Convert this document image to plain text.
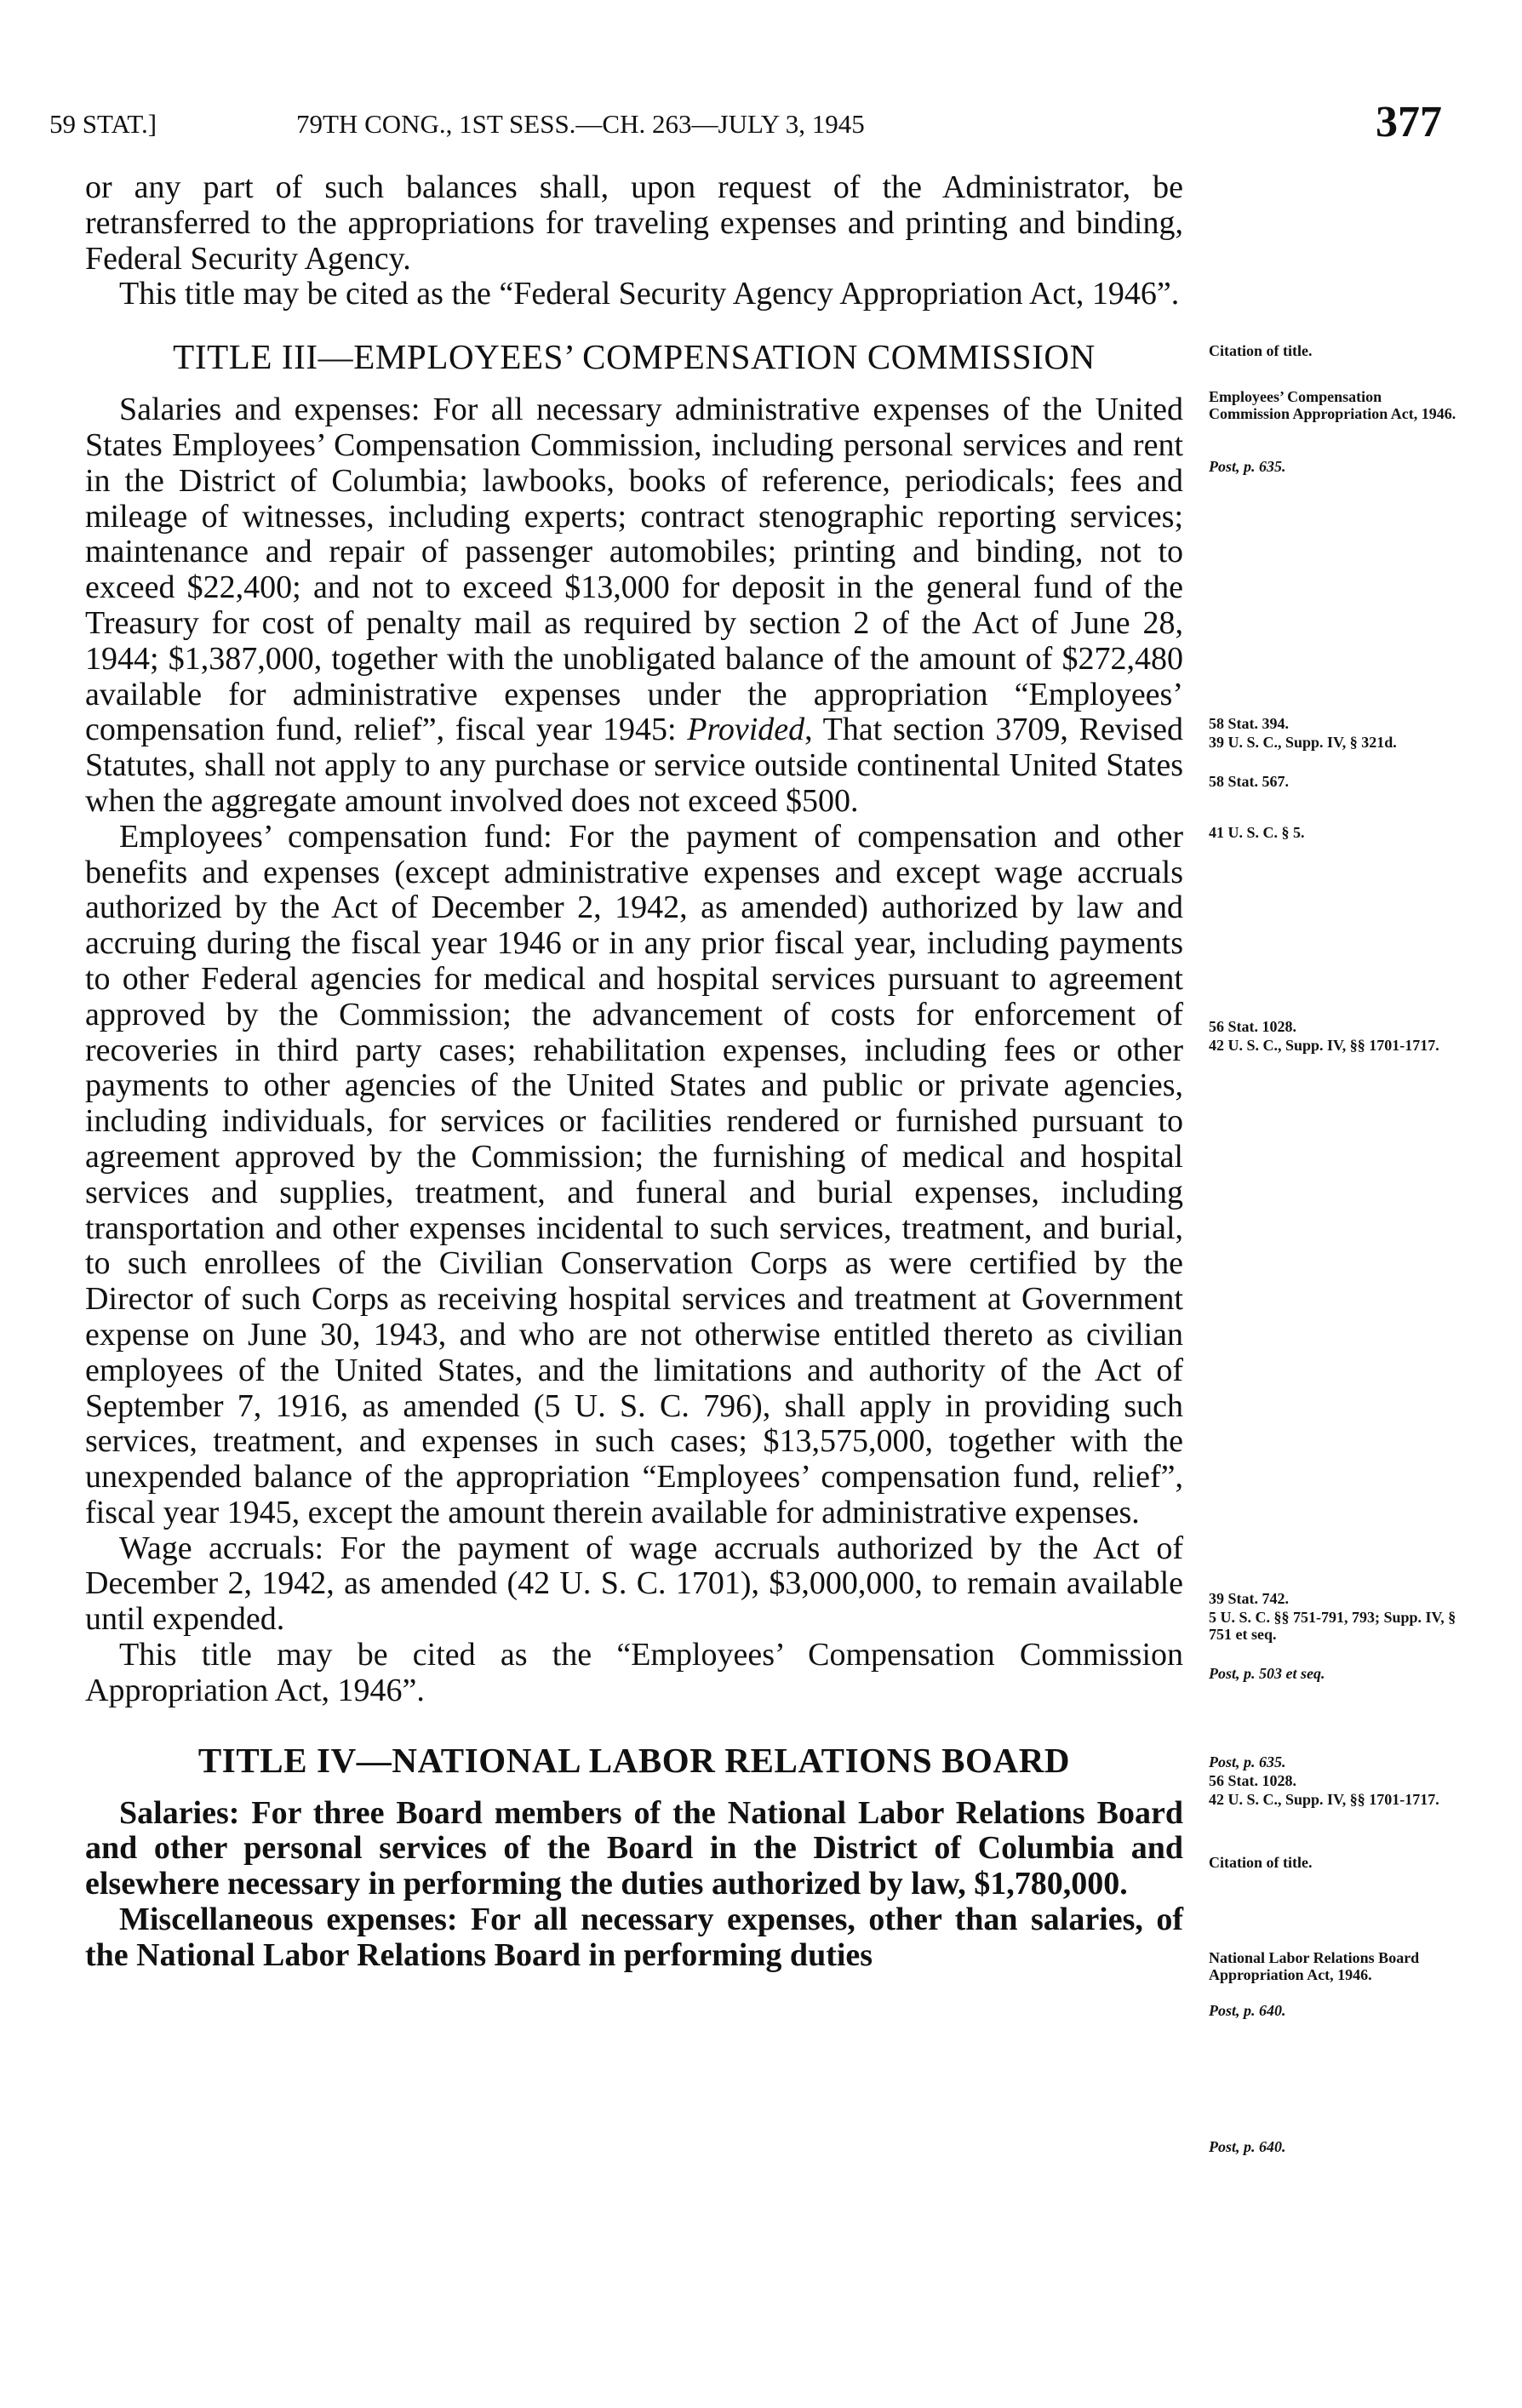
59 STAT.]	79TH CONG., 1ST SESS.—CH. 263—JULY 3, 1945	377

or any part of such balances shall, upon request of the Administrator, be retransferred to the appropriations for traveling expenses and printing and binding, Federal Security Agency.

This title may be cited as the “Federal Security Agency Appropriation Act, 1946”.

TITLE III—EMPLOYEES’ COMPENSATION COMMISSION

Salaries and expenses: For all necessary administrative expenses of the United States Employees’ Compensation Commission, including personal services and rent in the District of Columbia; lawbooks, books of reference, periodicals; fees and mileage of witnesses, including experts; contract stenographic reporting services; maintenance and repair of passenger automobiles; printing and binding, not to exceed $22,400; and not to exceed $13,000 for deposit in the general fund of the Treasury for cost of penalty mail as required by section 2 of the Act of June 28, 1944; $1,387,000, together with the unobligated balance of the amount of $272,480 available for administrative expenses under the appropriation “Employees’ compensation fund, relief”, fiscal year 1945: Provided, That section 3709, Revised Statutes, shall not apply to any purchase or service outside continental United States when the aggregate amount involved does not exceed $500.

Employees’ compensation fund: For the payment of compensation and other benefits and expenses (except administrative expenses and except wage accruals authorized by the Act of December 2, 1942, as amended) authorized by law and accruing during the fiscal year 1946 or in any prior fiscal year, including payments to other Federal agencies for medical and hospital services pursuant to agreement approved by the Commission; the advancement of costs for enforcement of recoveries in third party cases; rehabilitation expenses, including fees or other payments to other agencies of the United States and public or private agencies, including individuals, for services or facilities rendered or furnished pursuant to agreement approved by the Commission; the furnishing of medical and hospital services and supplies, treatment, and funeral and burial expenses, including transportation and other expenses incidental to such services, treatment, and burial, to such enrollees of the Civilian Conservation Corps as were certified by the Director of such Corps as receiving hospital services and treatment at Government expense on June 30, 1943, and who are not otherwise entitled thereto as civilian employees of the United States, and the limitations and authority of the Act of September 7, 1916, as amended (5 U. S. C. 796), shall apply in providing such services, treatment, and expenses in such cases; $13,575,000, together with the unexpended balance of the appropriation “Employees’ compensation fund, relief”, fiscal year 1945, except the amount therein available for administrative expenses.

Wage accruals: For the payment of wage accruals authorized by the Act of December 2, 1942, as amended (42 U. S. C. 1701), $3,000,000, to remain available until expended.

This title may be cited as the “Employees’ Compensation Commission Appropriation Act, 1946”.

TITLE IV—NATIONAL LABOR RELATIONS BOARD

Salaries: For three Board members of the National Labor Relations Board and other personal services of the Board in the District of Columbia and elsewhere necessary in performing the duties authorized by law, $1,780,000.

Miscellaneous expenses: For all necessary expenses, other than salaries, of the National Labor Relations Board in performing duties

Citation of title.
Employees’ Compensation Commission Appropriation Act, 1946.
Post, p. 635.
58 Stat. 394.
39 U. S. C., Supp. IV, § 321d.
58 Stat. 567.
41 U. S. C. § 5.
56 Stat. 1028.
42 U. S. C., Supp. IV, §§ 1701-1717.
39 Stat. 742.
5 U. S. C. §§ 751-791, 793; Supp. IV, § 751 et seq.
Post, p. 503 et seq.
Post, p. 635.
56 Stat. 1028.
42 U. S. C., Supp. IV, §§ 1701-1717.
Citation of title.
National Labor Relations Board Appropriation Act, 1946.
Post, p. 640.
Post, p. 640.
